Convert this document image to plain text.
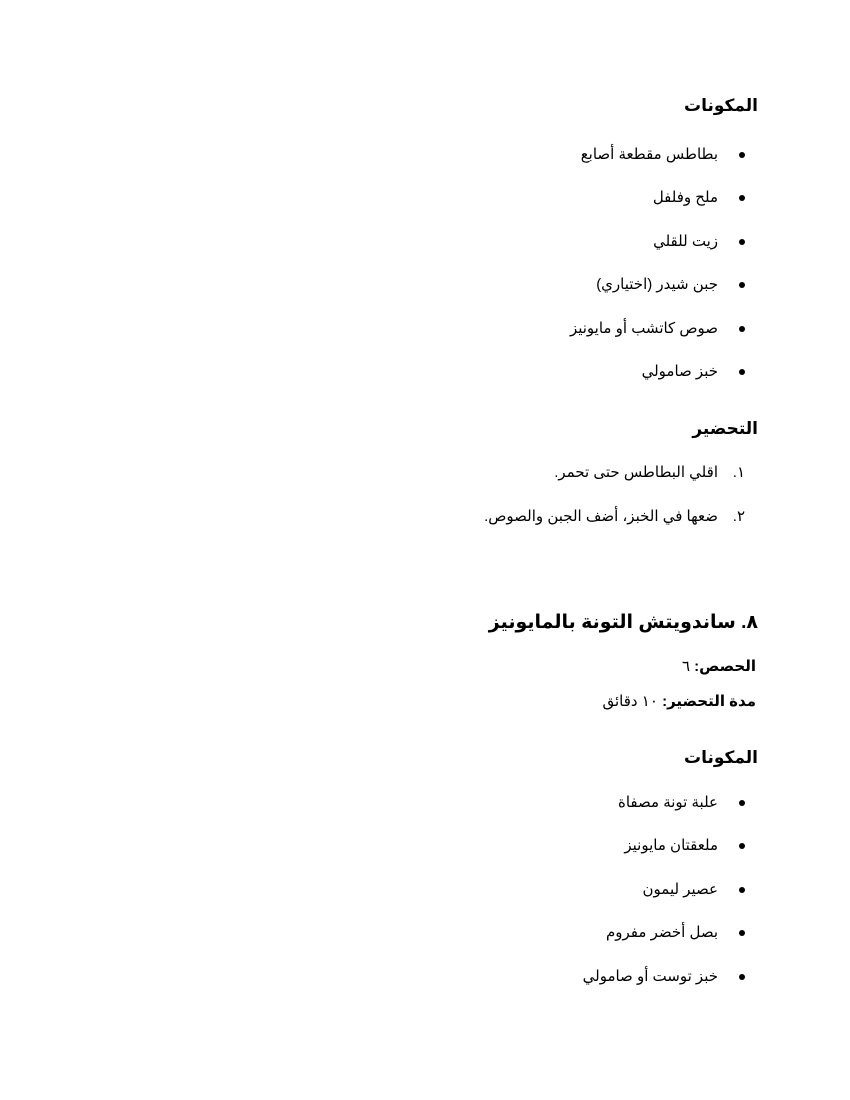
المكونات
بطاطس مقطعة أصابع
ملح وفلفل
زيت للقلي
جبن شيدر (اختياري)
صوص كاتشب أو مايونيز
خبز صامولي
التحضير
١.اقلي البطاطس حتى تحمر.
٢.ضعها في الخبز، أضف الجبن والصوص.
٨. ساندويتش التونة بالمايونيز
الحصص: ٦
مدة التحضير: ١٠ دقائق
المكونات
علبة تونة مصفاة
ملعقتان مايونيز
عصير ليمون
بصل أخضر مفروم
خبز توست أو صامولي
